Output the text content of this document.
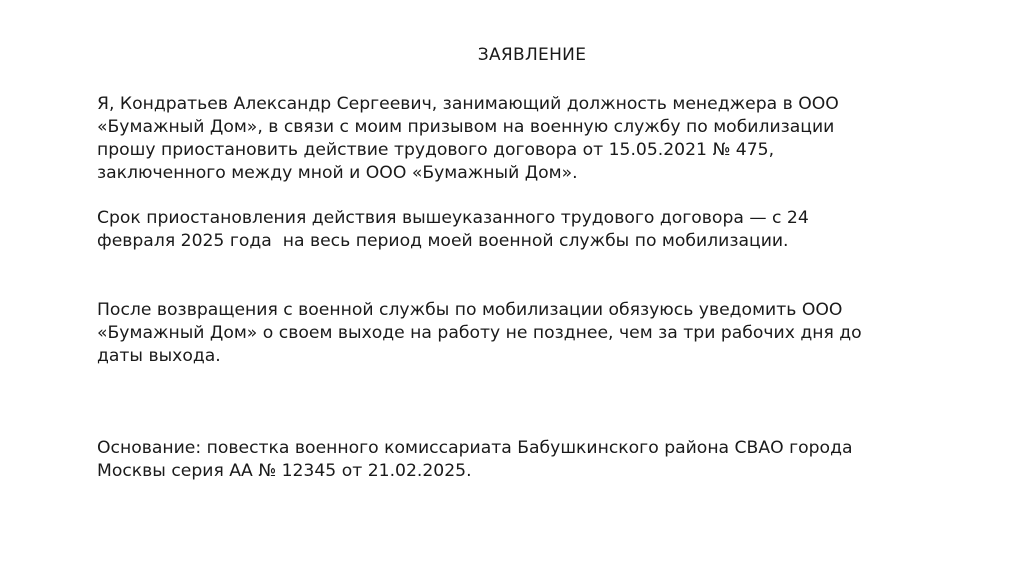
ЗАЯВЛЕНИЕ
Я, Кондратьев Александр Сергеевич, занимающий должность менеджера в ООО
«Бумажный Дом», в связи с моим призывом на военную службу по мобилизации
прошу приостановить действие трудового договора от 15.05.2021 № 475,
заключенного между мной и ООО «Бумажный Дом».
Срок приостановления действия вышеуказанного трудового договора — с 24
февраля 2025 года  на весь период моей военной службы по мобилизации.
После возвращения с военной службы по мобилизации обязуюсь уведомить ООО
«Бумажный Дом» о своем выходе на работу не позднее, чем за три рабочих дня до
даты выхода.
Основание: повестка военного комиссариата Бабушкинского района СВАО города
Москвы серия АА № 12345 от 21.02.2025.
